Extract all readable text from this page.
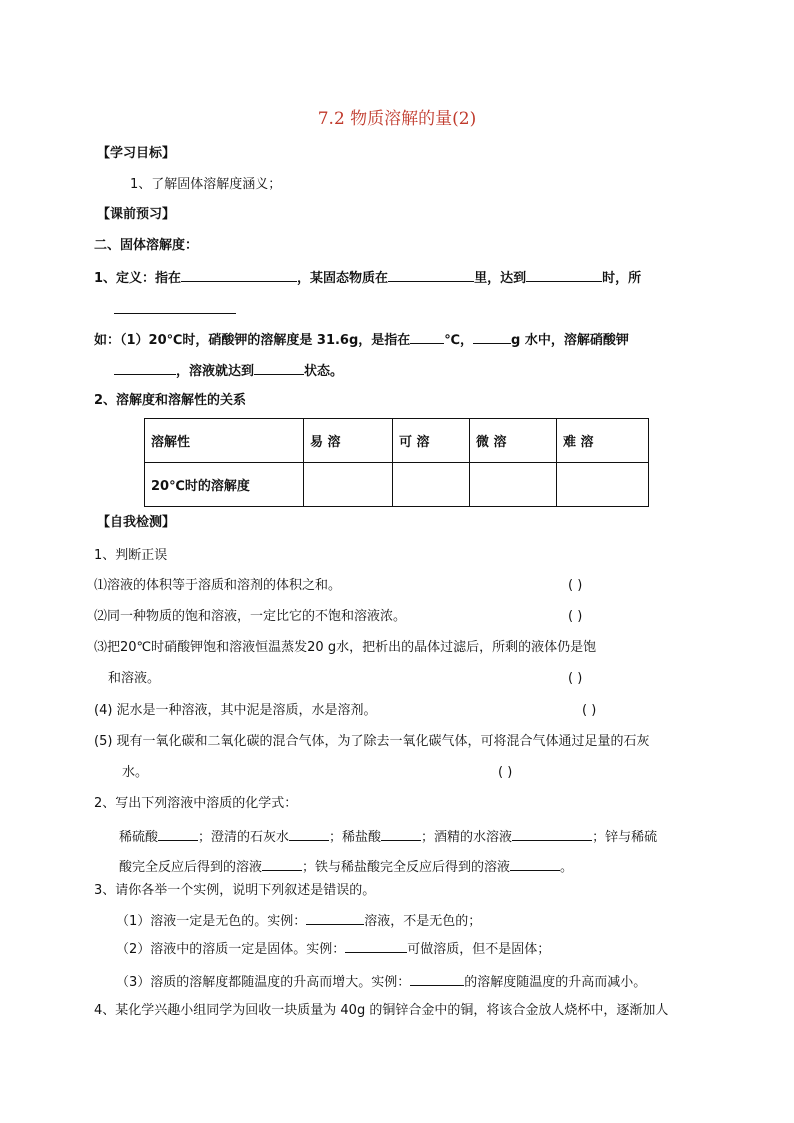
7.2 物质溶解的量(2)
【学习目标】
1、了解固体溶解度涵义；
【课前预习】
二、固体溶解度：
1、定义：指在	，某固态物质在	里，达到	时，所
如：（1）20℃时，硝酸钾的溶解度是 31.6g，是指在	℃，	g 水中，溶解硝酸钾
，溶液就达到	状态。
2、溶解度和溶解性的关系
溶解性	易 溶	可 溶	微 溶	难 溶
20℃时的溶解度				
【自我检测】
1、判断正误
⑴溶液的体积等于溶质和溶剂的体积之和。	( )
⑵同一种物质的饱和溶液，一定比它的不饱和溶液浓。	( )
⑶把20℃时硝酸钾饱和溶液恒温蒸发20 g水，把析出的晶体过滤后，所剩的液体仍是饱
和溶液。	( )
(4) 泥水是一种溶液，其中泥是溶质，水是溶剂。	( )
(5) 现有一氧化碳和二氧化碳的混合气体，为了除去一氧化碳气体，可将混合气体通过足量的石灰
水。	( )
2、写出下列溶液中溶质的化学式：
稀硫酸	；澄清的石灰水	；稀盐酸	；酒精的水溶液	；锌与稀硫
酸完全反应后得到的溶液	；铁与稀盐酸完全反应后得到的溶液	。
3、请你各举一个实例，说明下列叙述是错误的。
（1）溶液一定是无色的。实例：	溶液，不是无色的；
（2）溶液中的溶质一定是固体。实例：	可做溶质，但不是固体；
（3）溶质的溶解度都随温度的升高而增大。实例：	的溶解度随温度的升高而减小。
4、某化学兴趣小组同学为回收一块质量为 40g 的铜锌合金中的铜，将该合金放人烧杯中，逐渐加人
